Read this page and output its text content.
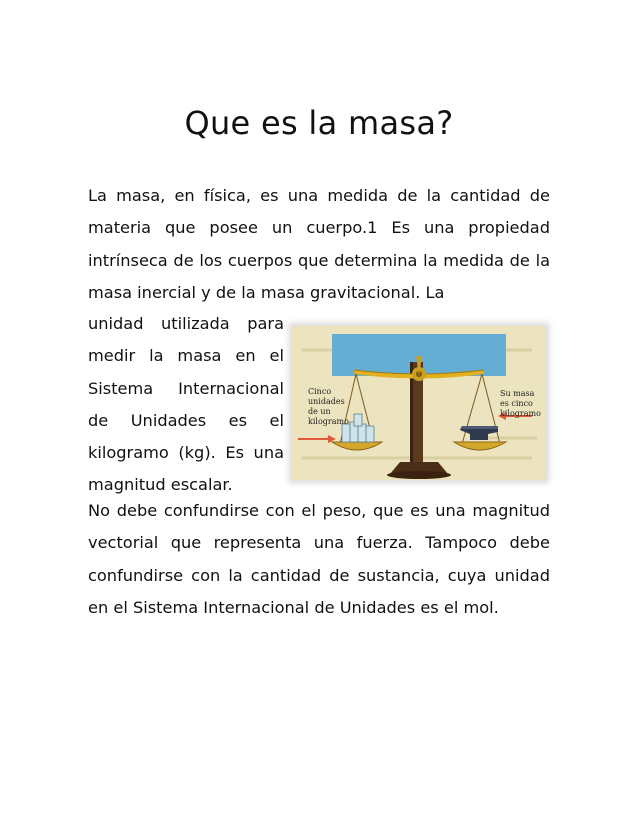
Que es la masa?
La masa, en física, es una medida de la cantidad de materia que posee un cuerpo.1 Es una propiedad intrínseca de los cuerpos que determina la medida de la masa inercial y de la masa gravitacional. La
unidad utilizada para medir la masa en el Sistema Internacional de Unidades es el kilogramo (kg). Es una magnitud escalar.
No debe confundirse con el peso, que es una magnitud vectorial que representa una fuerza. Tampoco debe confundirse con la cantidad de sustancia, cuya unidad en el Sistema Internacional de Unidades es el mol.
Cinco
unidades
de un
kilogramo
Su masa
es cinco
kilogramo
